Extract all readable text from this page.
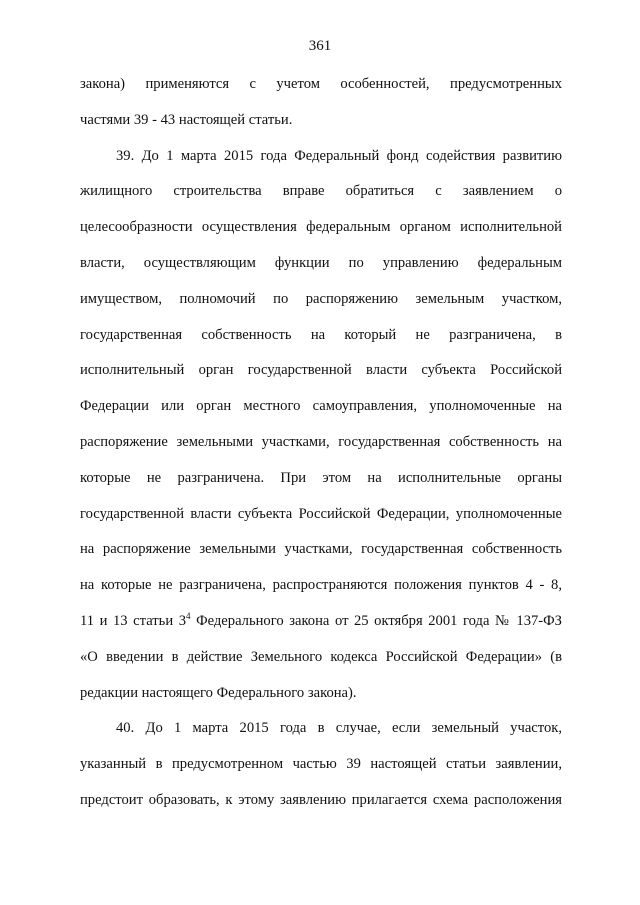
361
закона) применяются с учетом особенностей, предусмотренных
частями 39 - 43 настоящей статьи.
39. До 1 марта 2015 года Федеральный фонд содействия развитию
жилищного строительства вправе обратиться с заявлением о
целесообразности осуществления федеральным органом исполнительной
власти, осуществляющим функции по управлению федеральным
имуществом, полномочий по распоряжению земельным участком,
государственная собственность на который не разграничена, в
исполнительный орган государственной власти субъекта Российской
Федерации или орган местного самоуправления, уполномоченные на
распоряжение земельными участками, государственная собственность на
которые не разграничена. При этом на исполнительные органы
государственной власти субъекта Российской Федерации, уполномоченные
на распоряжение земельными участками, государственная собственность
на которые не разграничена, распространяются положения пунктов 4 - 8,
11 и 13 статьи $3^4$ Федерального закона от 25 октября 2001 года № 137-ФЗ
«О введении в действие Земельного кодекса Российской Федерации» (в
редакции настоящего Федерального закона).
40. До 1 марта 2015 года в случае, если земельный участок,
указанный в предусмотренном частью 39 настоящей статьи заявлении,
предстоит образовать, к этому заявлению прилагается схема расположения
